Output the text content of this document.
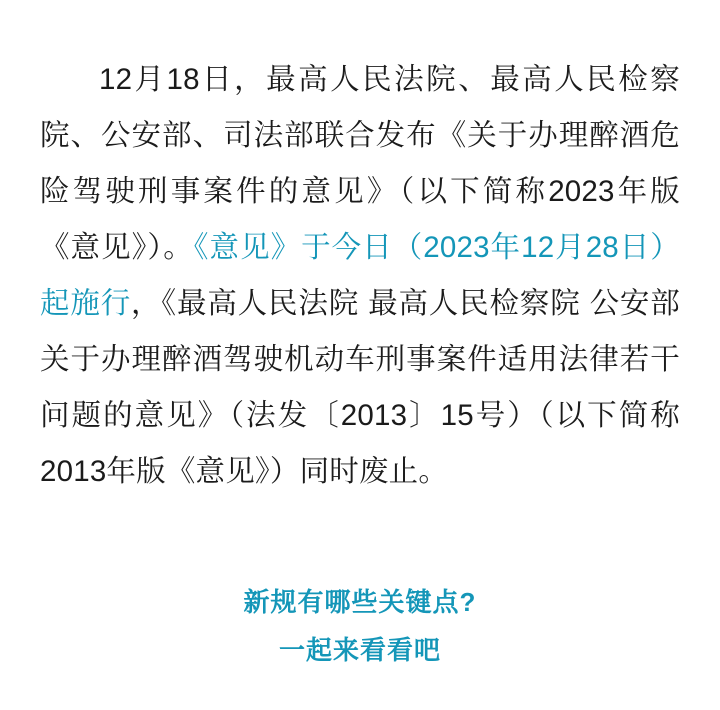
12月18日，最高人民法院、最高人民检察院、公安部、司法部联合发布《关于办理醉酒危险驾驶刑事案件的意见》（以下简称2023年版《意见》）。《意见》于今日（2023年12月28日）起施行，《最高人民法院 最高人民检察院 公安部关于办理醉酒驾驶机动车刑事案件适用法律若干问题的意见》（法发〔2013〕15号）（以下简称2013年版《意见》）同时废止。

新规有哪些关键点?
一起来看看吧
